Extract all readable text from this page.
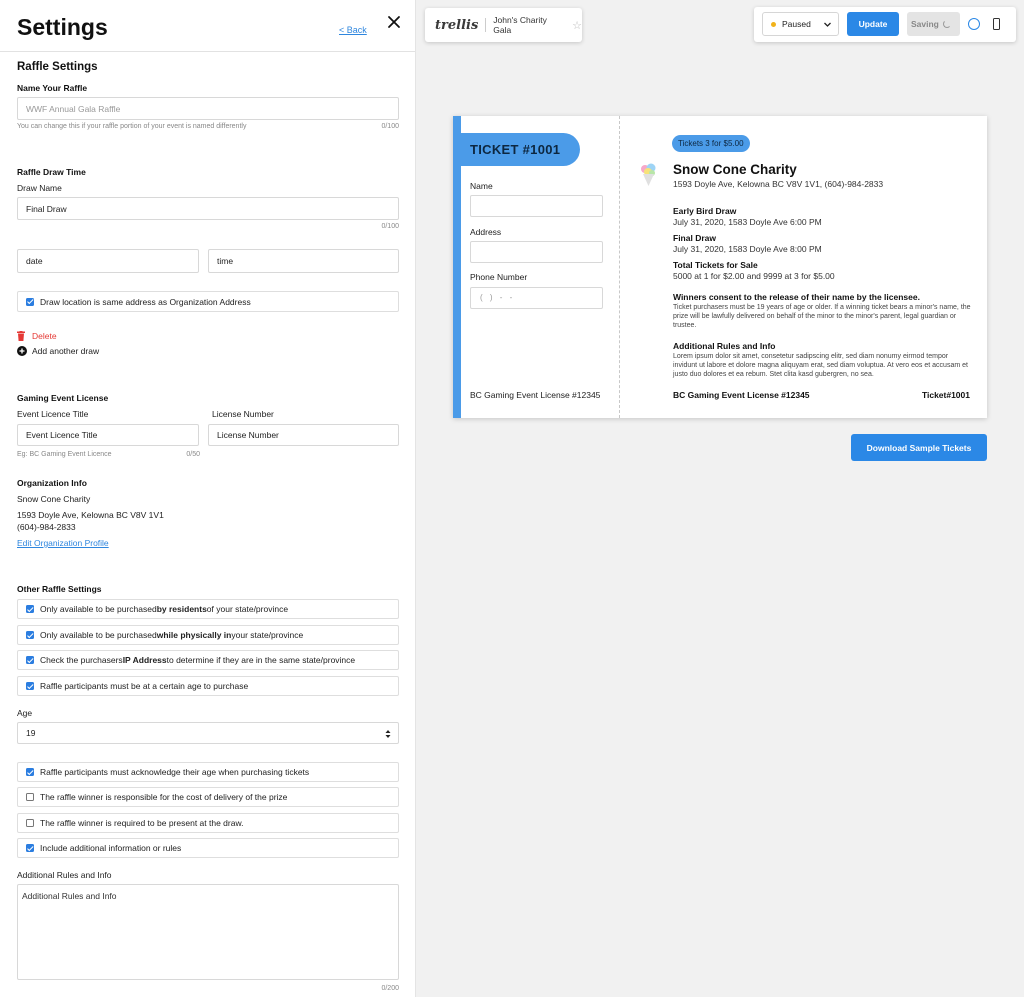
Settings	< Back
Raffle Settings
Name Your Raffle
WWF Annual Gala Raffle
You can change this if your raffle portion of your event is named differently	0/100
Raffle Draw Time
Draw Name
Final Draw
0/100
date	time
Draw location is same address as Organization Address
Delete
Add another draw
Gaming Event License
Event Licence Title	License Number
Event Licence Title	License Number
Eg: BC Gaming Event Licence	0/50
Organization Info
Snow Cone Charity
1593 Doyle Ave, Kelowna BC V8V 1V1
(604)-984-2833
Edit Organization Profile
Other Raffle Settings
Only available to be purchased by residents of your state/province
Only available to be purchased while physically in your state/province
Check the purchasers IP Address to determine if they are in the same state/province
Raffle participants must be at a certain age to purchase
Age
19
Raffle participants must acknowledge their age when purchasing tickets
The raffle winner is responsible for the cost of delivery of the prize
The raffle winner is required to be present at the draw.
Include additional information or rules
Additional Rules and Info
Additional Rules and Info
0/200
trellis John's Charity Gala	☆	Paused	Update	Saving
TICKET #1001
Name
Address
Phone Number
( ) - -
BC Gaming Event License #12345
Tickets 3 for $5.00
Snow Cone Charity
1593 Doyle Ave, Kelowna BC V8V 1V1, (604)-984-2833
Early Bird Draw
July 31, 2020, 1583 Doyle Ave 6:00 PM
Final Draw
July 31, 2020, 1583 Doyle Ave 8:00 PM
Total Tickets for Sale
5000 at 1 for $2.00 and 9999 at 3 for $5.00
Winners consent to the release of their name by the licensee.
Ticket purchasers must be 19 years of age or older. If a winning ticket bears a minor's name, the prize will be lawfully delivered on behalf of the minor to the minor's parent, legal guardian or trustee.
Additional Rules and Info
Lorem ipsum dolor sit amet, consetetur sadipscing elitr, sed diam nonumy eirmod tempor invidunt ut labore et dolore magna aliquyam erat, sed diam voluptua. At vero eos et accusam et justo duo dolores et ea rebum. Stet clita kasd gubergren, no sea.
BC Gaming Event License #12345	Ticket#1001
Download Sample Tickets
